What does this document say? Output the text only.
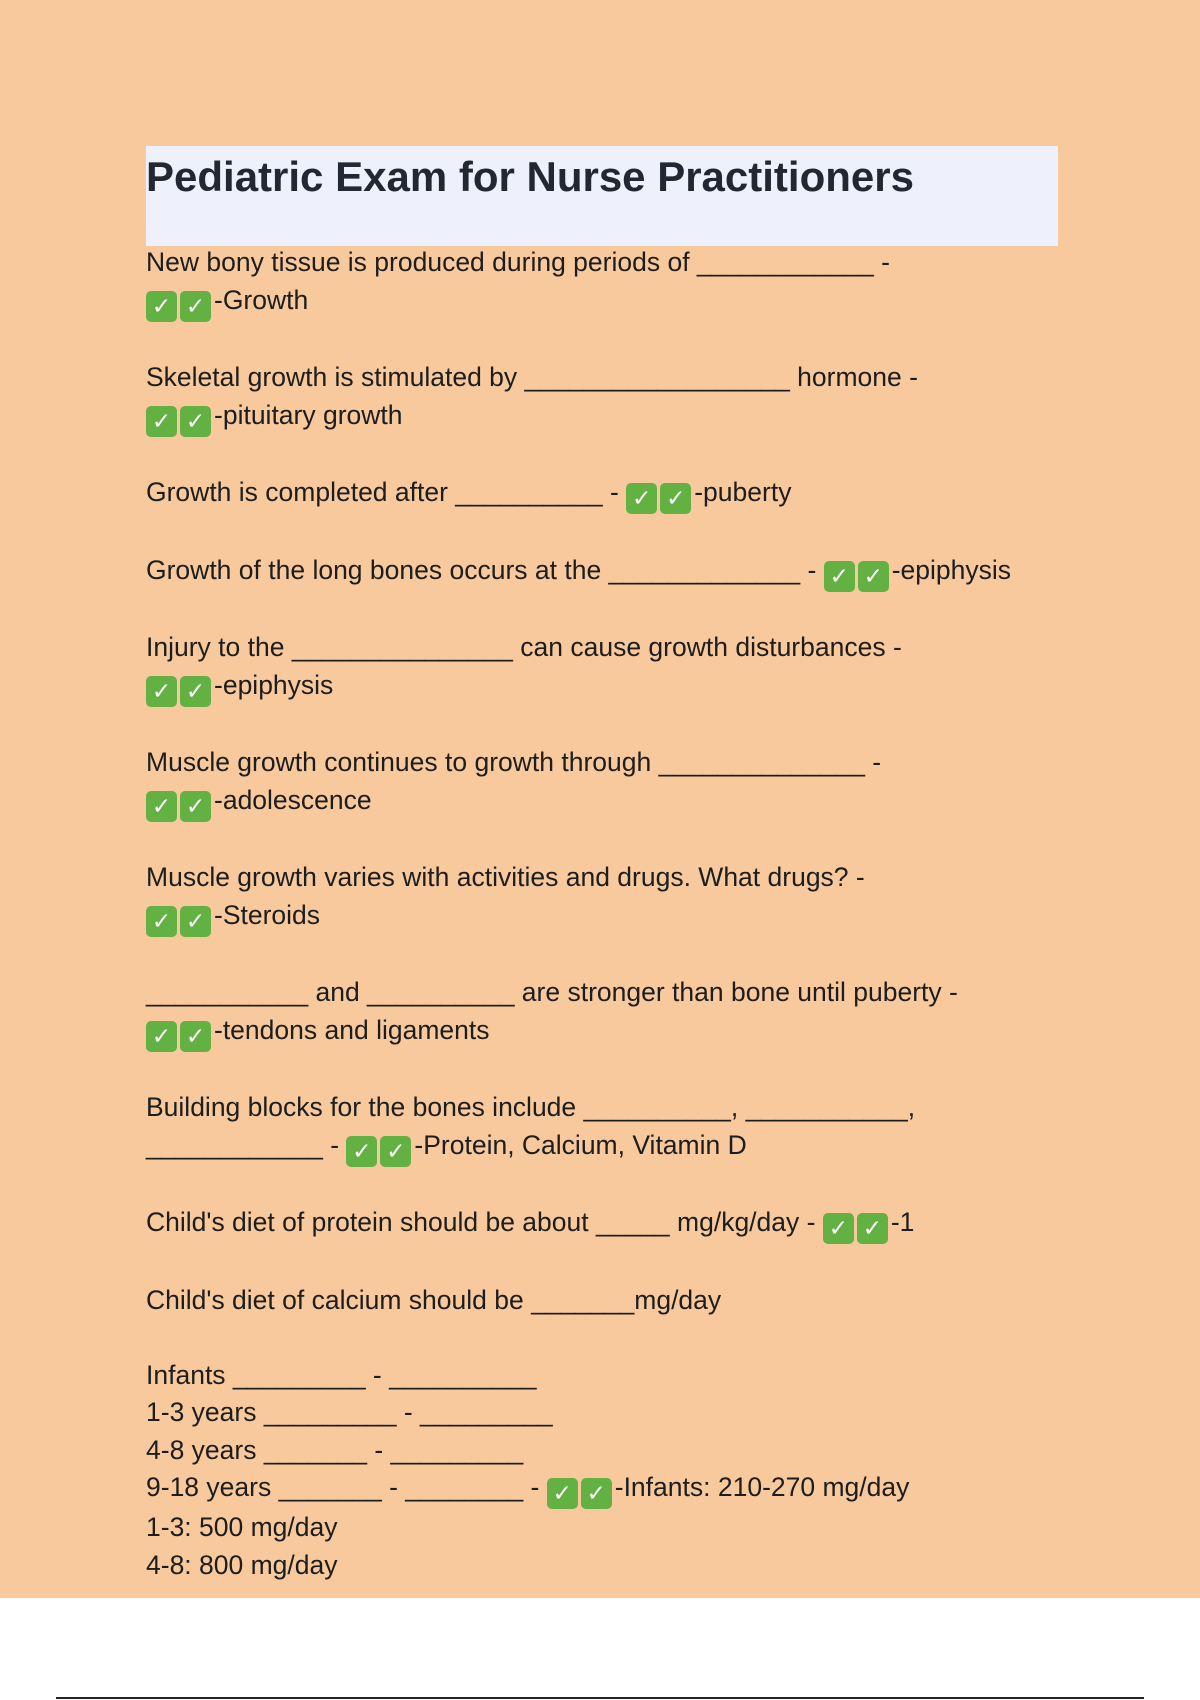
Pediatric Exam for Nurse Practitioners
New bony tissue is produced during periods of ____________ -
✓ ✓ -Growth
Skeletal growth is stimulated by __________________ hormone -
✓ ✓ -pituitary growth
Growth is completed after __________ - ✓ ✓ -puberty
Growth of the long bones occurs at the _____________ - ✓ ✓ -epiphysis
Injury to the _______________ can cause growth disturbances -
✓ ✓ -epiphysis
Muscle growth continues to growth through ______________ -
✓ ✓ -adolescence
Muscle growth varies with activities and drugs. What drugs? -
✓ ✓ -Steroids
___________ and __________ are stronger than bone until puberty -
✓ ✓ -tendons and ligaments
Building blocks for the bones include __________, ___________,
____________ - ✓ ✓ -Protein, Calcium, Vitamin D
Child's diet of protein should be about _____ mg/kg/day - ✓ ✓ -1
Child's diet of calcium should be _______mg/day
Infants _________ - __________
1-3 years _________ - _________
4-8 years _______ - _________
9-18 years _______ - ________ - ✓ ✓ -Infants: 210-270 mg/day
1-3: 500 mg/day
4-8: 800 mg/day
